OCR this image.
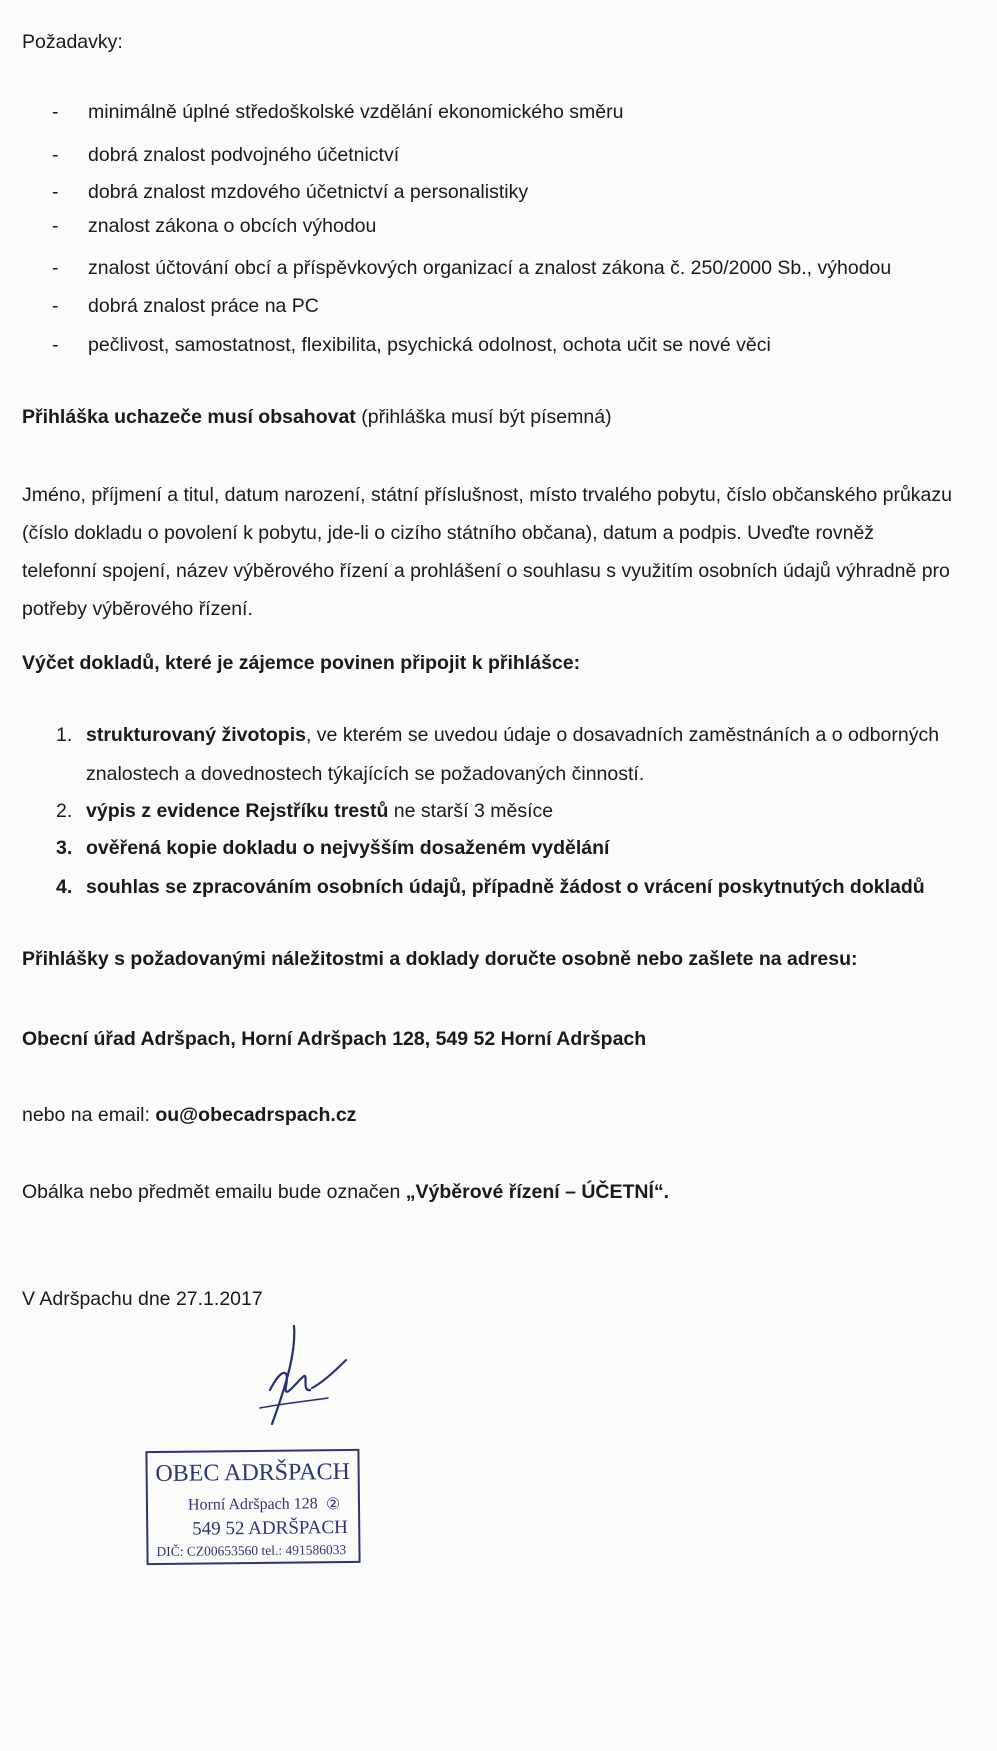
Požadavky:
- minimálně úplné středoškolské vzdělání ekonomického směru
- dobrá znalost podvojného účetnictví
- dobrá znalost mzdového účetnictví a personalistiky
- znalost zákona o obcích výhodou
- znalost účtování obcí a příspěvkových organizací a znalost zákona č. 250/2000 Sb., výhodou
- dobrá znalost práce na PC
- pečlivost, samostatnost, flexibilita, psychická odolnost, ochota učit se nové věci
Přihláška uchazeče musí obsahovat (přihláška musí být písemná)
Jméno, příjmení a titul, datum narození, státní příslušnost, místo trvalého pobytu, číslo občanského průkazu
(číslo dokladu o povolení k pobytu, jde-li o cizího státního občana), datum a podpis. Uveďte rovněž
telefonní spojení, název výběrového řízení a prohlášení o souhlasu s využitím osobních údajů výhradně pro
potřeby výběrového řízení.
Výčet dokladů, které je zájemce povinen připojit k přihlášce:
1. strukturovaný životopis, ve kterém se uvedou údaje o dosavadních zaměstnáních a o odborných
znalostech a dovednostech týkajících se požadovaných činností.
2. výpis z evidence Rejstříku trestů ne starší 3 měsíce
3. ověřená kopie dokladu o nejvyšším dosaženém vydělání
4. souhlas se zpracováním osobních údajů, případně žádost o vrácení poskytnutých dokladů
Přihlášky s požadovanými náležitostmi a doklady doručte osobně nebo zašlete na adresu:
Obecní úřad Adršpach, Horní Adršpach 128, 549 52 Horní Adršpach
nebo na email: ou@obecadrspach.cz
Obálka nebo předmět emailu bude označen „Výběrové řízení – ÚČETNÍ“.
V Adršpachu dne 27.1.2017
OBEC ADRŠPACH
Horní Adršpach 128 ②
549 52 ADRŠPACH
DIČ: CZ00653560 tel.: 491586033
